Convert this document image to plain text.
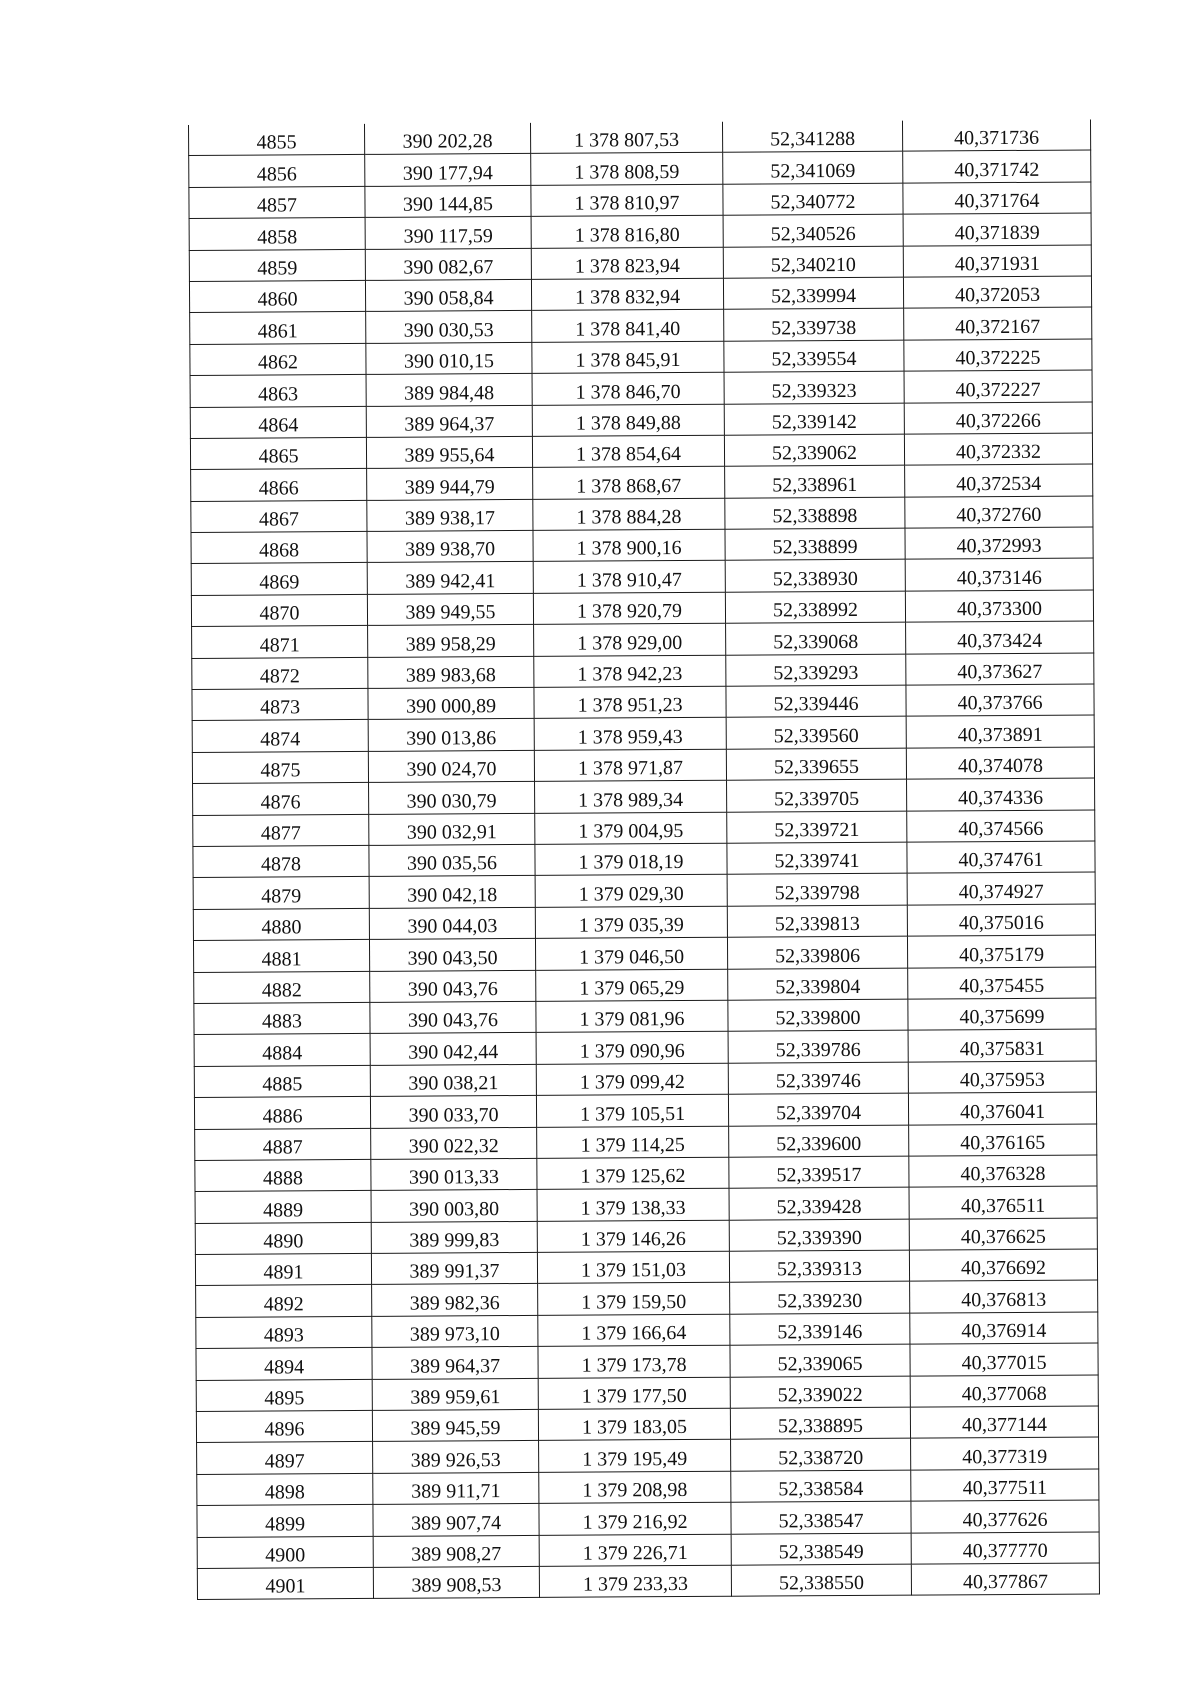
4855	390 202,28	1 378 807,53	52,341288	40,371736
4856	390 177,94	1 378 808,59	52,341069	40,371742
4857	390 144,85	1 378 810,97	52,340772	40,371764
4858	390 117,59	1 378 816,80	52,340526	40,371839
4859	390 082,67	1 378 823,94	52,340210	40,371931
4860	390 058,84	1 378 832,94	52,339994	40,372053
4861	390 030,53	1 378 841,40	52,339738	40,372167
4862	390 010,15	1 378 845,91	52,339554	40,372225
4863	389 984,48	1 378 846,70	52,339323	40,372227
4864	389 964,37	1 378 849,88	52,339142	40,372266
4865	389 955,64	1 378 854,64	52,339062	40,372332
4866	389 944,79	1 378 868,67	52,338961	40,372534
4867	389 938,17	1 378 884,28	52,338898	40,372760
4868	389 938,70	1 378 900,16	52,338899	40,372993
4869	389 942,41	1 378 910,47	52,338930	40,373146
4870	389 949,55	1 378 920,79	52,338992	40,373300
4871	389 958,29	1 378 929,00	52,339068	40,373424
4872	389 983,68	1 378 942,23	52,339293	40,373627
4873	390 000,89	1 378 951,23	52,339446	40,373766
4874	390 013,86	1 378 959,43	52,339560	40,373891
4875	390 024,70	1 378 971,87	52,339655	40,374078
4876	390 030,79	1 378 989,34	52,339705	40,374336
4877	390 032,91	1 379 004,95	52,339721	40,374566
4878	390 035,56	1 379 018,19	52,339741	40,374761
4879	390 042,18	1 379 029,30	52,339798	40,374927
4880	390 044,03	1 379 035,39	52,339813	40,375016
4881	390 043,50	1 379 046,50	52,339806	40,375179
4882	390 043,76	1 379 065,29	52,339804	40,375455
4883	390 043,76	1 379 081,96	52,339800	40,375699
4884	390 042,44	1 379 090,96	52,339786	40,375831
4885	390 038,21	1 379 099,42	52,339746	40,375953
4886	390 033,70	1 379 105,51	52,339704	40,376041
4887	390 022,32	1 379 114,25	52,339600	40,376165
4888	390 013,33	1 379 125,62	52,339517	40,376328
4889	390 003,80	1 379 138,33	52,339428	40,376511
4890	389 999,83	1 379 146,26	52,339390	40,376625
4891	389 991,37	1 379 151,03	52,339313	40,376692
4892	389 982,36	1 379 159,50	52,339230	40,376813
4893	389 973,10	1 379 166,64	52,339146	40,376914
4894	389 964,37	1 379 173,78	52,339065	40,377015
4895	389 959,61	1 379 177,50	52,339022	40,377068
4896	389 945,59	1 379 183,05	52,338895	40,377144
4897	389 926,53	1 379 195,49	52,338720	40,377319
4898	389 911,71	1 379 208,98	52,338584	40,377511
4899	389 907,74	1 379 216,92	52,338547	40,377626
4900	389 908,27	1 379 226,71	52,338549	40,377770
4901	389 908,53	1 379 233,33	52,338550	40,377867
